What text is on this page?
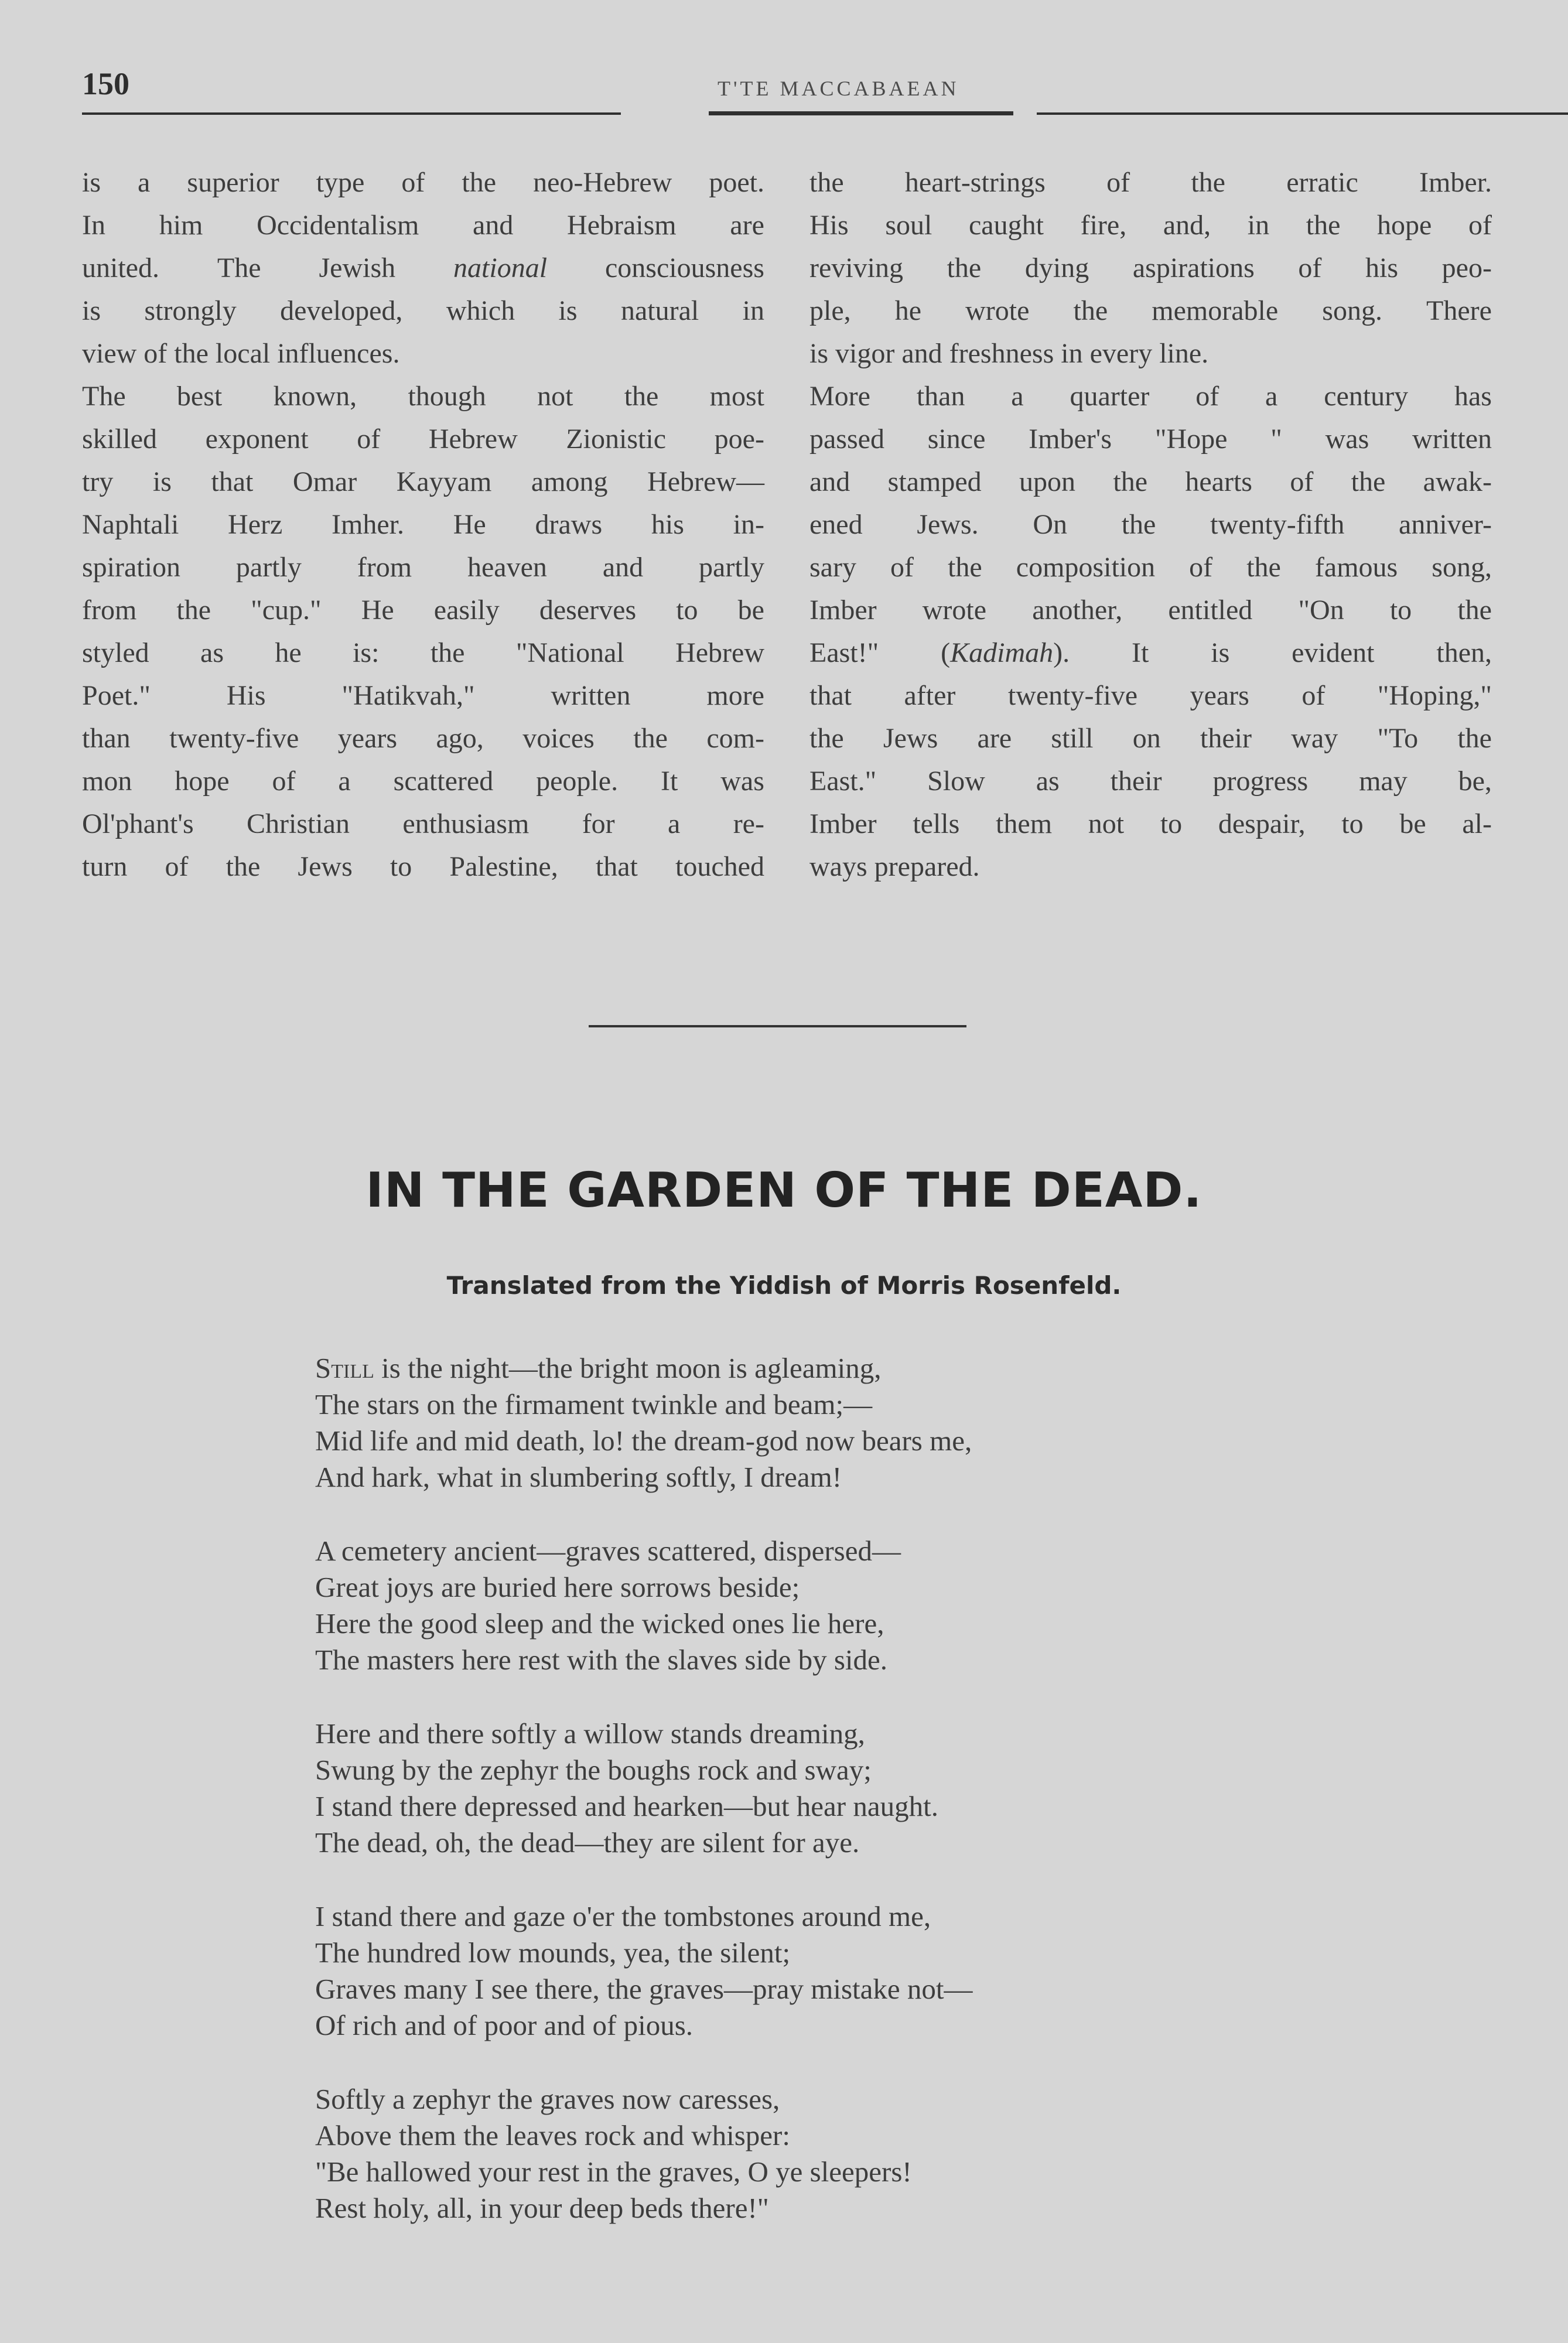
150	T'TE MACCABAEAN
is a superior type of the neo-Hebrew poet.
In him Occidentalism and Hebraism are
united. The Jewish national consciousness
is strongly developed, which is natural in
view of the local influences.
The best known, though not the most
skilled exponent of Hebrew Zionistic poe-
try is that Omar Kayyam among Hebrew—
Naphtali Herz Imher. He draws his in-
spiration partly from heaven and partly
from the "cup." He easily deserves to be
styled as he is: the "National Hebrew
Poet."	His	"Hatikvah,"	written	more
than twenty-five years ago, voices the com-
mon hope of a scattered people. It was
Ol'phant's Christian enthusiasm for a re-
turn of the Jews to Palestine, that touched
the heart-strings of the erratic Imber.
His soul caught fire, and, in the hope of
reviving the dying aspirations of his peo-
ple, he wrote the memorable song. There
is vigor and freshness in every line.
More than a quarter of a century has
passed since Imber's "Hope " was written
and stamped upon the hearts of the awak-
ened Jews. On the twenty-fifth anniver-
sary of the composition of the famous song,
Imber wrote another, entitled "On to the
East!" (Kadimah). It is evident then,
that after twenty-five years of "Hoping,"
the Jews are still on their way "To the
East." Slow as their progress may be,
Imber tells them not to despair, to be al-
ways prepared.
IN THE GARDEN OF THE DEAD.
Translated from the Yiddish of Morris Rosenfeld.
Still is the night—the bright moon is agleaming,
The stars on the firmament twinkle and beam;—
Mid life and mid death, lo! the dream-god now bears me,
And hark, what in slumbering softly, I dream!
A cemetery ancient—graves scattered, dispersed—
Great joys are buried here sorrows beside;
Here the good sleep and the wicked ones lie here,
The masters here rest with the slaves side by side.
Here and there softly a willow stands dreaming,
Swung by the zephyr the boughs rock and sway;
I stand there depressed and hearken—but hear naught.
The dead, oh, the dead—they are silent for aye.
I stand there and gaze o'er the tombstones around me,
The hundred low mounds, yea, the silent;
Graves many I see there, the graves—pray mistake not—
Of rich and of poor and of pious.
Softly a zephyr the graves now caresses,
Above them the leaves rock and whisper:
"Be hallowed your rest in the graves, O ye sleepers!
Rest holy, all, in your deep beds there!"
